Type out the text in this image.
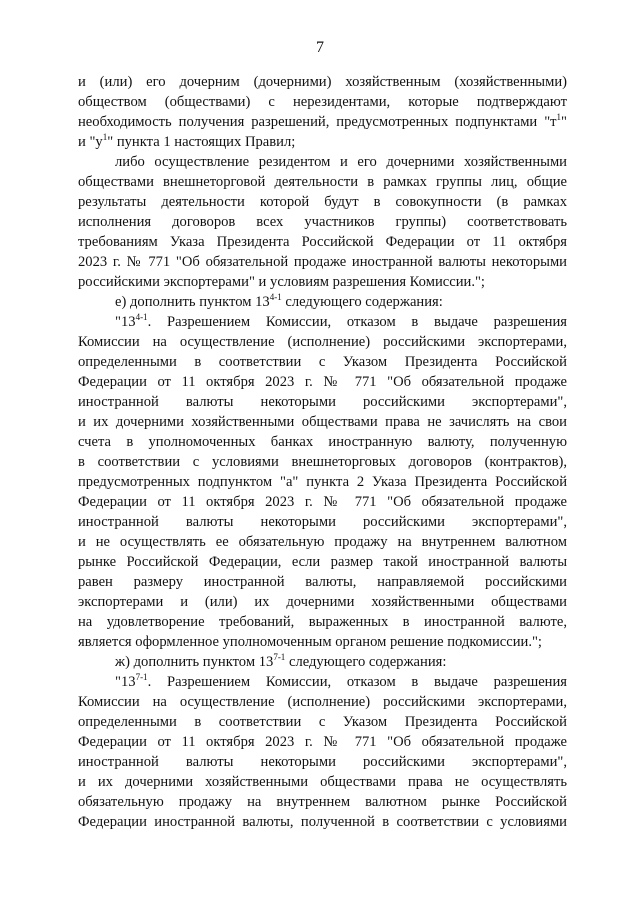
7
и (или) его дочерним (дочерними) хозяйственным (хозяйственными)
обществом (обществами) с нерезидентами, которые подтверждают
необходимость получения разрешений, предусмотренных подпунктами "$т^1$"
и "$у^1$" пункта 1 настоящих Правил;
либо осуществление резидентом и его дочерними хозяйственными
обществами внешнеторговой деятельности в рамках группы лиц, общие
результаты деятельности которой будут в совокупности (в рамках
исполнения договоров всех участников группы) соответствовать
требованиям Указа Президента Российской Федерации от 11 октября
2023 г. № 771 "Об обязательной продаже иностранной валюты некоторыми
российскими экспортерами" и условиям разрешения Комиссии.";
е) дополнить пунктом 13$^{4-1}$ следующего содержания:
"13$^{4-1}$. Разрешением Комиссии, отказом в выдаче разрешения
Комиссии на осуществление (исполнение) российскими экспортерами,
определенными в соответствии с Указом Президента Российской
Федерации от 11 октября 2023 г. № 771 "Об обязательной продаже
иностранной валюты некоторыми российскими экспортерами",
и их дочерними хозяйственными обществами права не зачислять на свои
счета в уполномоченных банках иностранную валюту, полученную
в соответствии с условиями внешнеторговых договоров (контрактов),
предусмотренных подпунктом "а" пункта 2 Указа Президента Российской
Федерации от 11 октября 2023 г. № 771 "Об обязательной продаже
иностранной валюты некоторыми российскими экспортерами",
и не осуществлять ее обязательную продажу на внутреннем валютном
рынке Российской Федерации, если размер такой иностранной валюты
равен размеру иностранной валюты, направляемой российскими
экспортерами и (или) их дочерними хозяйственными обществами
на удовлетворение требований, выраженных в иностранной валюте,
является оформленное уполномоченным органом решение подкомиссии.";
ж) дополнить пунктом 13$^{7-1}$ следующего содержания:
"13$^{7-1}$. Разрешением Комиссии, отказом в выдаче разрешения
Комиссии на осуществление (исполнение) российскими экспортерами,
определенными в соответствии с Указом Президента Российской
Федерации от 11 октября 2023 г. № 771 "Об обязательной продаже
иностранной валюты некоторыми российскими экспортерами",
и их дочерними хозяйственными обществами права не осуществлять
обязательную продажу на внутреннем валютном рынке Российской
Федерации иностранной валюты, полученной в соответствии с условиями
